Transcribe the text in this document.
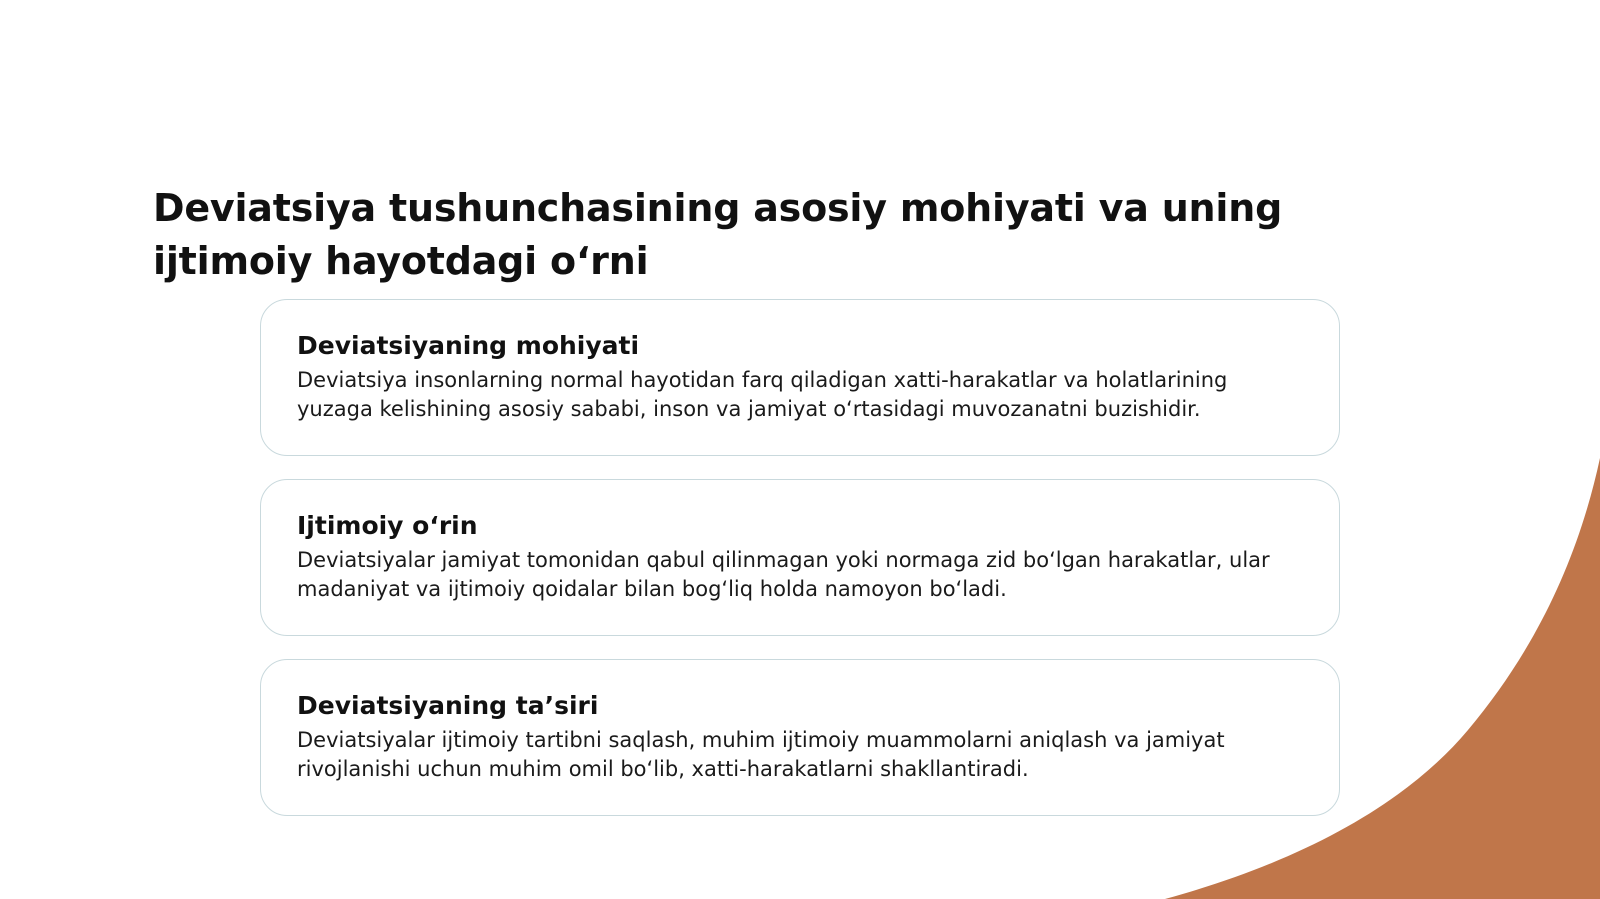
Deviatsiya tushunchasining asosiy mohiyati va uning ijtimoiy hayotdagi o‘rni
Deviatsiyaning mohiyati

Deviatsiya insonlarning normal hayotidan farq qiladigan xatti-harakatlar va holatlarining yuzaga kelishining asosiy sababi, inson va jamiyat o‘rtasidagi muvozanatni buzishidir.

Ijtimoiy o‘rin

Deviatsiyalar jamiyat tomonidan qabul qilinmagan yoki normaga zid bo‘lgan harakatlar, ular madaniyat va ijtimoiy qoidalar bilan bog‘liq holda namoyon bo‘ladi.

Deviatsiyaning ta’siri

Deviatsiyalar ijtimoiy tartibni saqlash, muhim ijtimoiy muammolarni aniqlash va jamiyat rivojlanishi uchun muhim omil bo‘lib, xatti-harakatlarni shakllantiradi.
